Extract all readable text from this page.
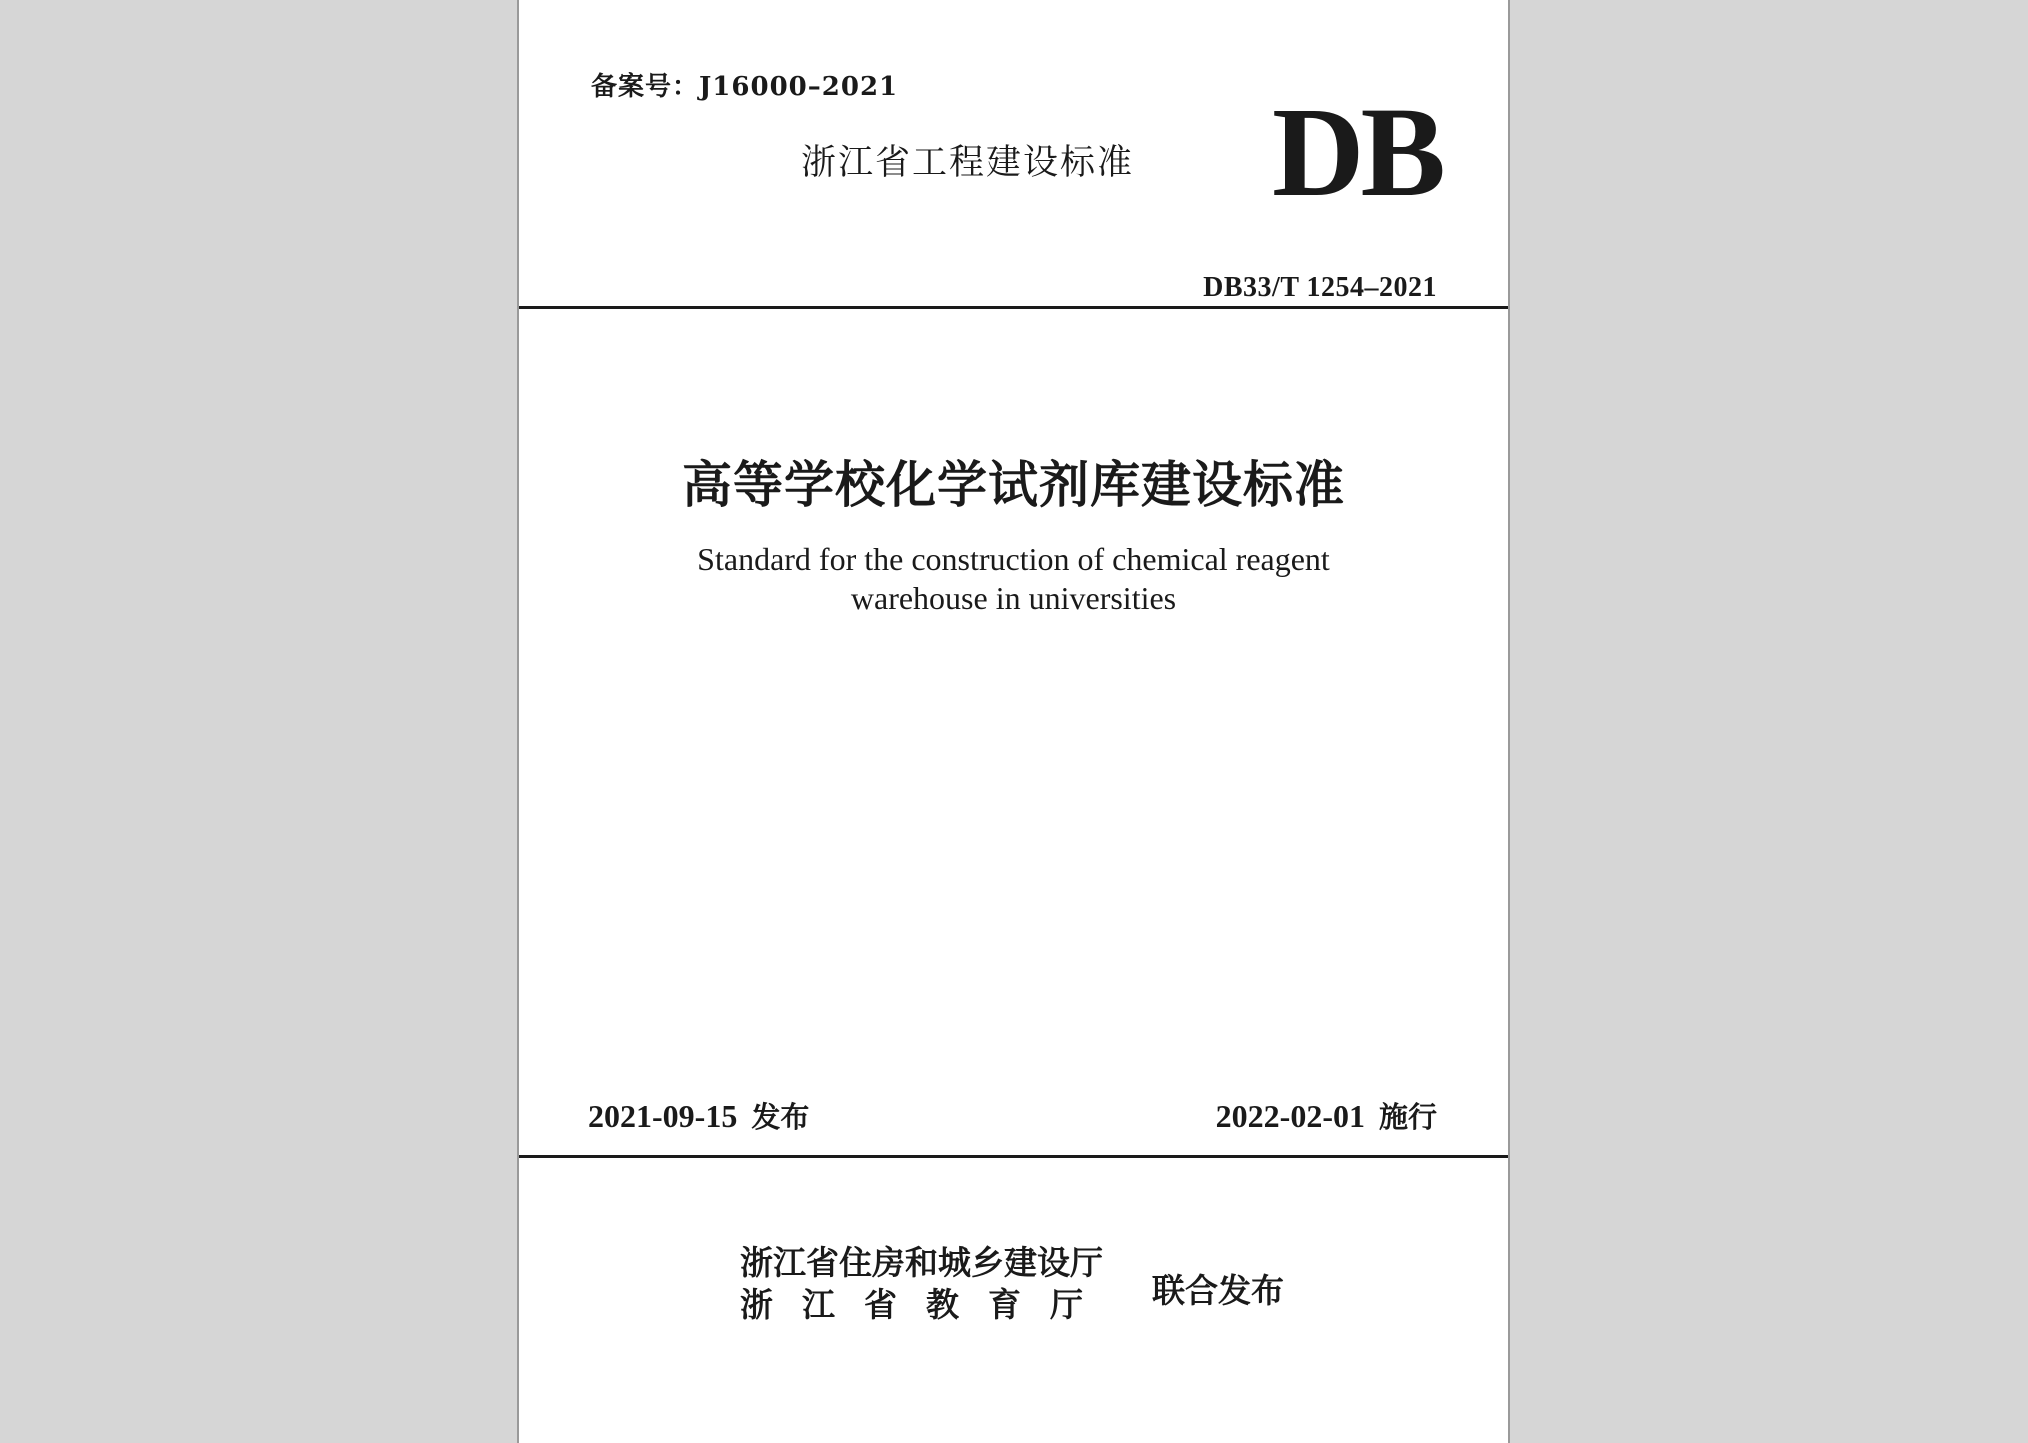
备案号：J16000–2021
浙江省工程建设标准 DB
DB33/T 1254–2021
高等学校化学试剂库建设标准
Standard for the construction of chemical reagent
warehouse in universities
2021-09-15 发布	2022-02-01 施行
浙江省住房和城乡建设厅
浙江省教育厅 联合发布
